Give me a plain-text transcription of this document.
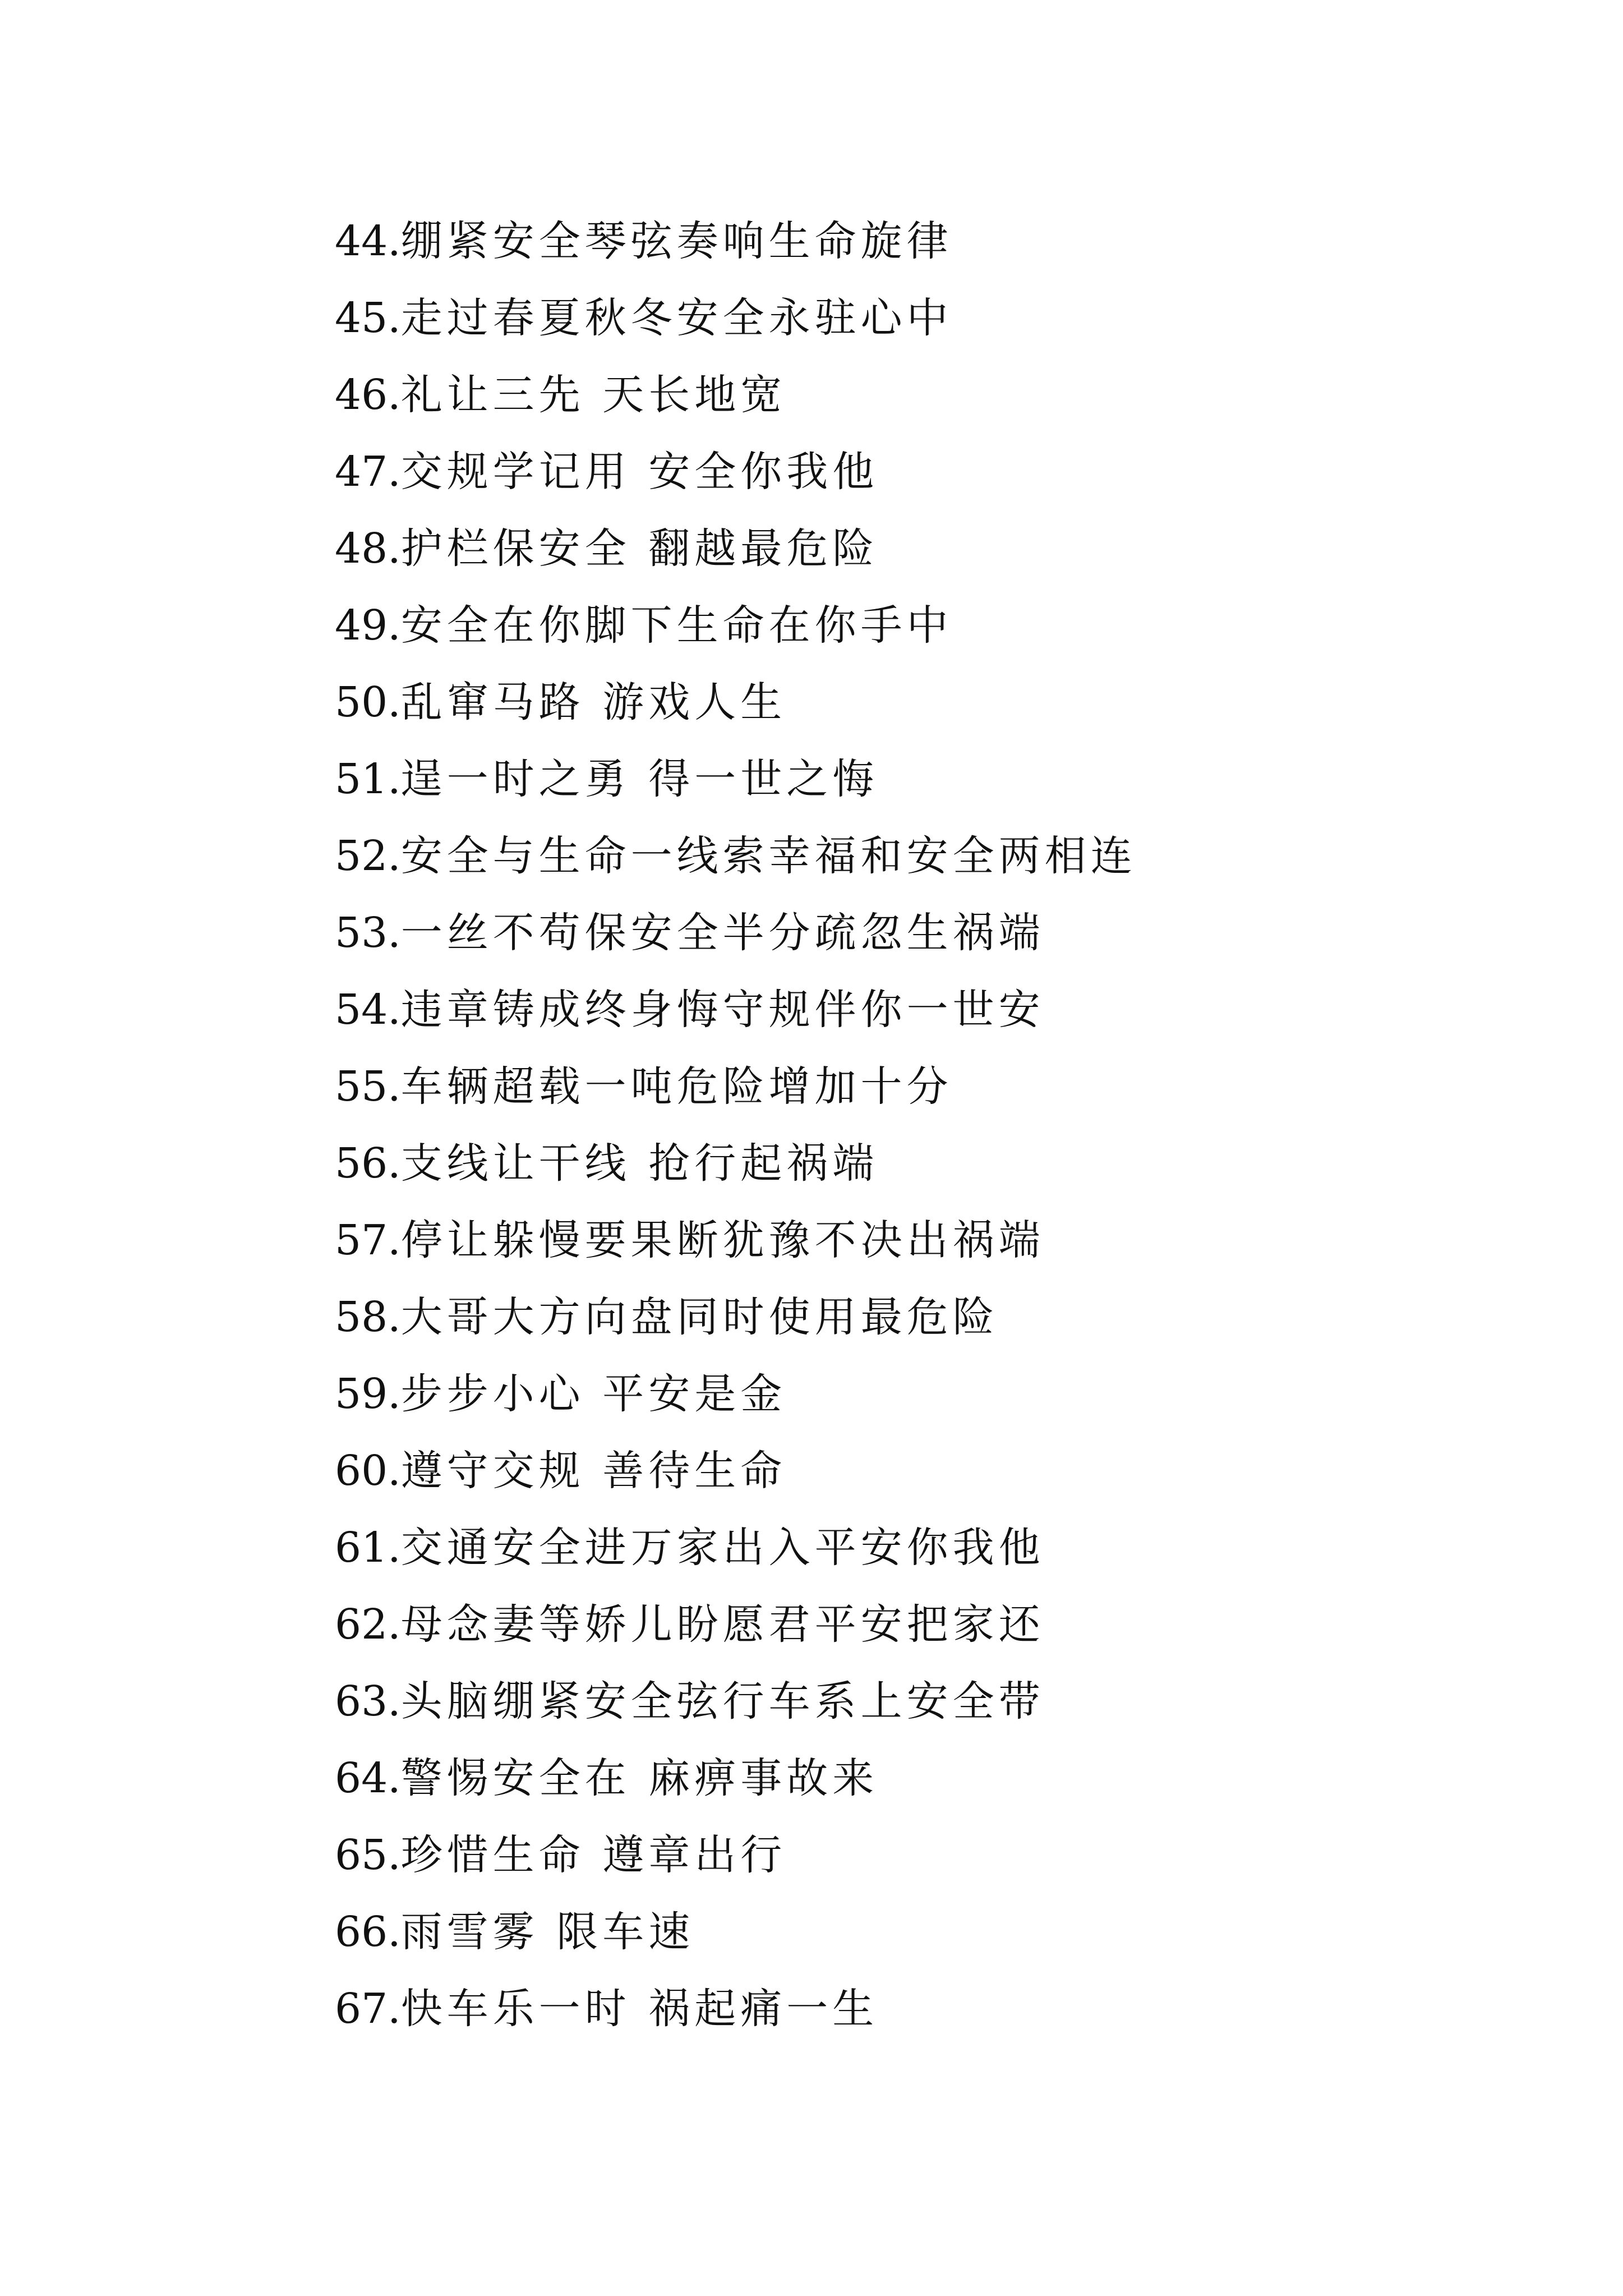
44.绷紧安全琴弦奏响生命旋律
45.走过春夏秋冬安全永驻心中
46.礼让三先 天长地宽
47.交规学记用 安全你我他
48.护栏保安全 翻越最危险
49.安全在你脚下生命在你手中
50.乱窜马路 游戏人生
51.逞一时之勇 得一世之悔
52.安全与生命一线索幸福和安全两相连
53.一丝不苟保安全半分疏忽生祸端
54.违章铸成终身悔守规伴你一世安
55.车辆超载一吨危险增加十分
56.支线让干线 抢行起祸端
57.停让躲慢要果断犹豫不决出祸端
58.大哥大方向盘同时使用最危险
59.步步小心 平安是金
60.遵守交规 善待生命
61.交通安全进万家出入平安你我他
62.母念妻等娇儿盼愿君平安把家还
63.头脑绷紧安全弦行车系上安全带
64.警惕安全在 麻痹事故来
65.珍惜生命 遵章出行
66.雨雪雾 限车速
67.快车乐一时 祸起痛一生
